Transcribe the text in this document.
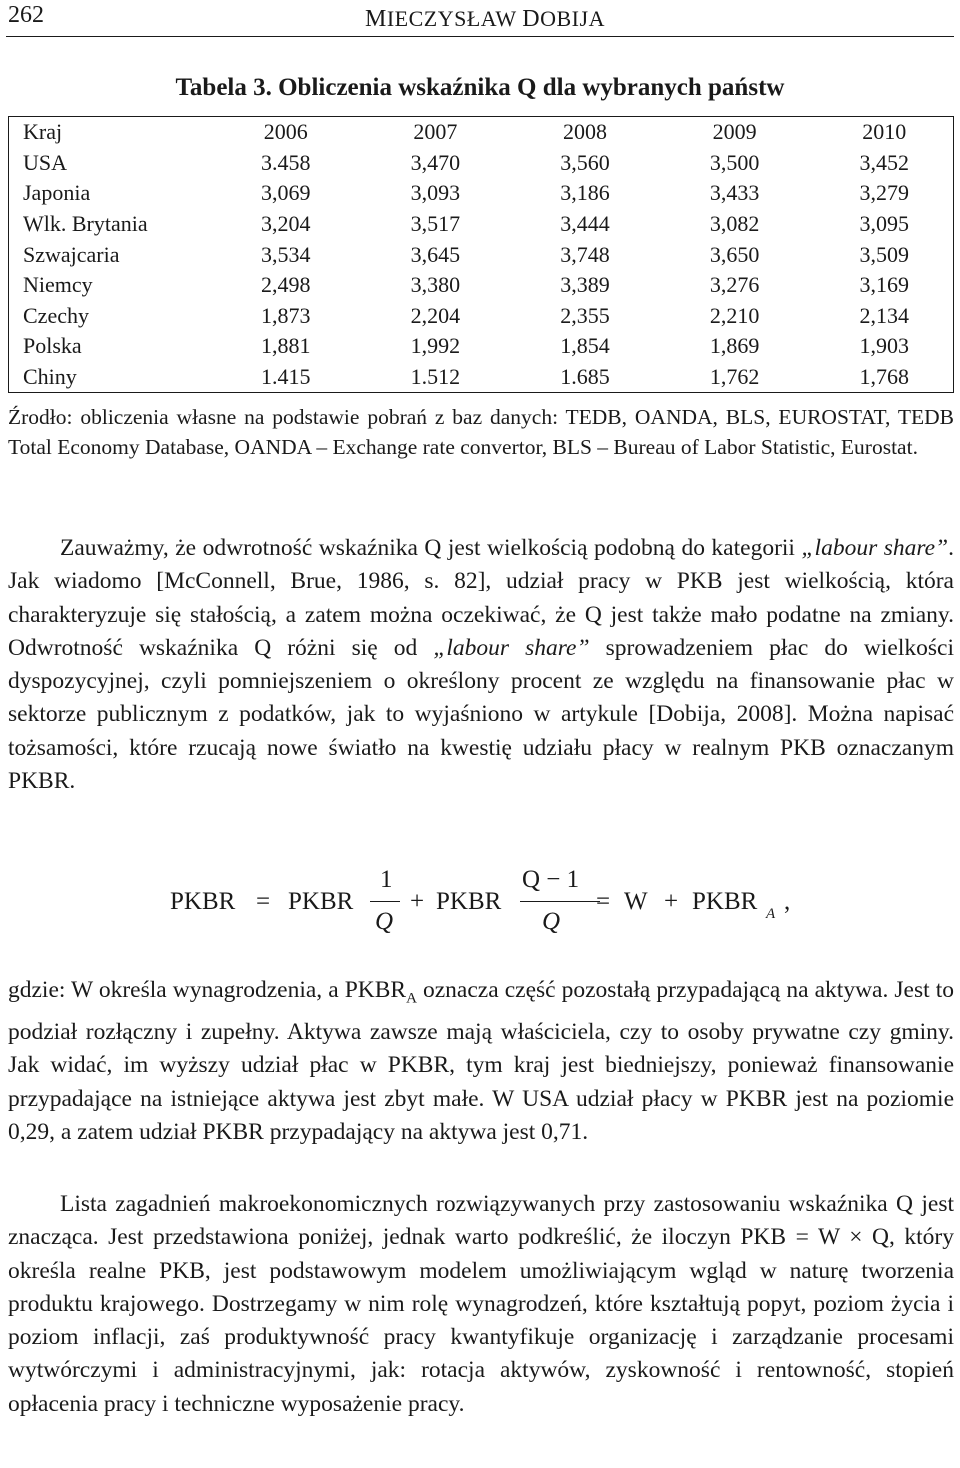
262	MIECZYSŁAW DOBIJA
Tabela 3. Obliczenia wskaźnika Q dla wybranych państw
Kraj	2006	2007	2008	2009	2010
USA	3.458	3,470	3,560	3,500	3,452
Japonia	3,069	3,093	3,186	3,433	3,279
Wlk. Brytania	3,204	3,517	3,444	3,082	3,095
Szwajcaria	3,534	3,645	3,748	3,650	3,509
Niemcy	2,498	3,380	3,389	3,276	3,169
Czechy	1,873	2,204	2,355	2,210	2,134
Polska	1,881	1,992	1,854	1,869	1,903
Chiny	1.415	1.512	1.685	1,762	1,768
Źrodło: obliczenia własne na podstawie pobrań z baz danych: TEDB, OANDA, BLS, EUROSTAT, TEDB Total Economy Database, OANDA – Exchange rate convertor, BLS – Bureau of Labor Statistic, Eurostat.

Zauważmy, że odwrotność wskaźnika Q jest wielkością podobną do kategorii „labour share”. Jak wiadomo [McConnell, Brue, 1986, s. 82], udział pracy w PKB jest wielkością, która charakteryzuje się stałością, a zatem można oczekiwać, że Q jest także mało podatne na zmiany. Odwrotność wskaźnika Q różni się od „labour share” sprowadzeniem płac do wielkości dyspozycyjnej, czyli pomniejszeniem o określony procent ze względu na finansowanie płac w sektorze publicznym z podatków, jak to wyjaśniono w artykule [Dobija, 2008]. Można napisać tożsamości, które rzucają nowe światło na kwestię udziału płacy w realnym PKB oznaczanym PKBR.

PKBR = PKBR
1
Q
+ PKBR
Q − 1
Q
= W + PKBR A ,

gdzie: W określa wynagrodzenia, a $PKBR_A$ oznacza część pozostałą przypadającą na aktywa. Jest to podział rozłączny i zupełny. Aktywa zawsze mają właściciela, czy to osoby prywatne czy gminy. Jak widać, im wyższy udział płac w PKBR, tym kraj jest biedniejszy, ponieważ finansowanie przypadające na istniejące aktywa jest zbyt małe. W USA udział płacy w PKBR jest na poziomie 0,29, a zatem udział PKBR przypadający na aktywa jest 0,71.

Lista zagadnień makroekonomicznych rozwiązywanych przy zastosowaniu wskaźnika Q jest znacząca. Jest przedstawiona poniżej, jednak warto podkreślić, że iloczyn PKB = W × Q, który określa realne PKB, jest podstawowym modelem umożliwiającym wgląd w naturę tworzenia produktu krajowego. Dostrzegamy w nim rolę wynagrodzeń, które kształtują popyt, poziom życia i poziom inflacji, zaś produktywność pracy kwantyfikuje organizację i zarządzanie procesami wytwórczymi i administracyjnymi, jak: rotacja aktywów, zyskowność i rentowność, stopień opłacenia pracy i techniczne wyposażenie pracy.
